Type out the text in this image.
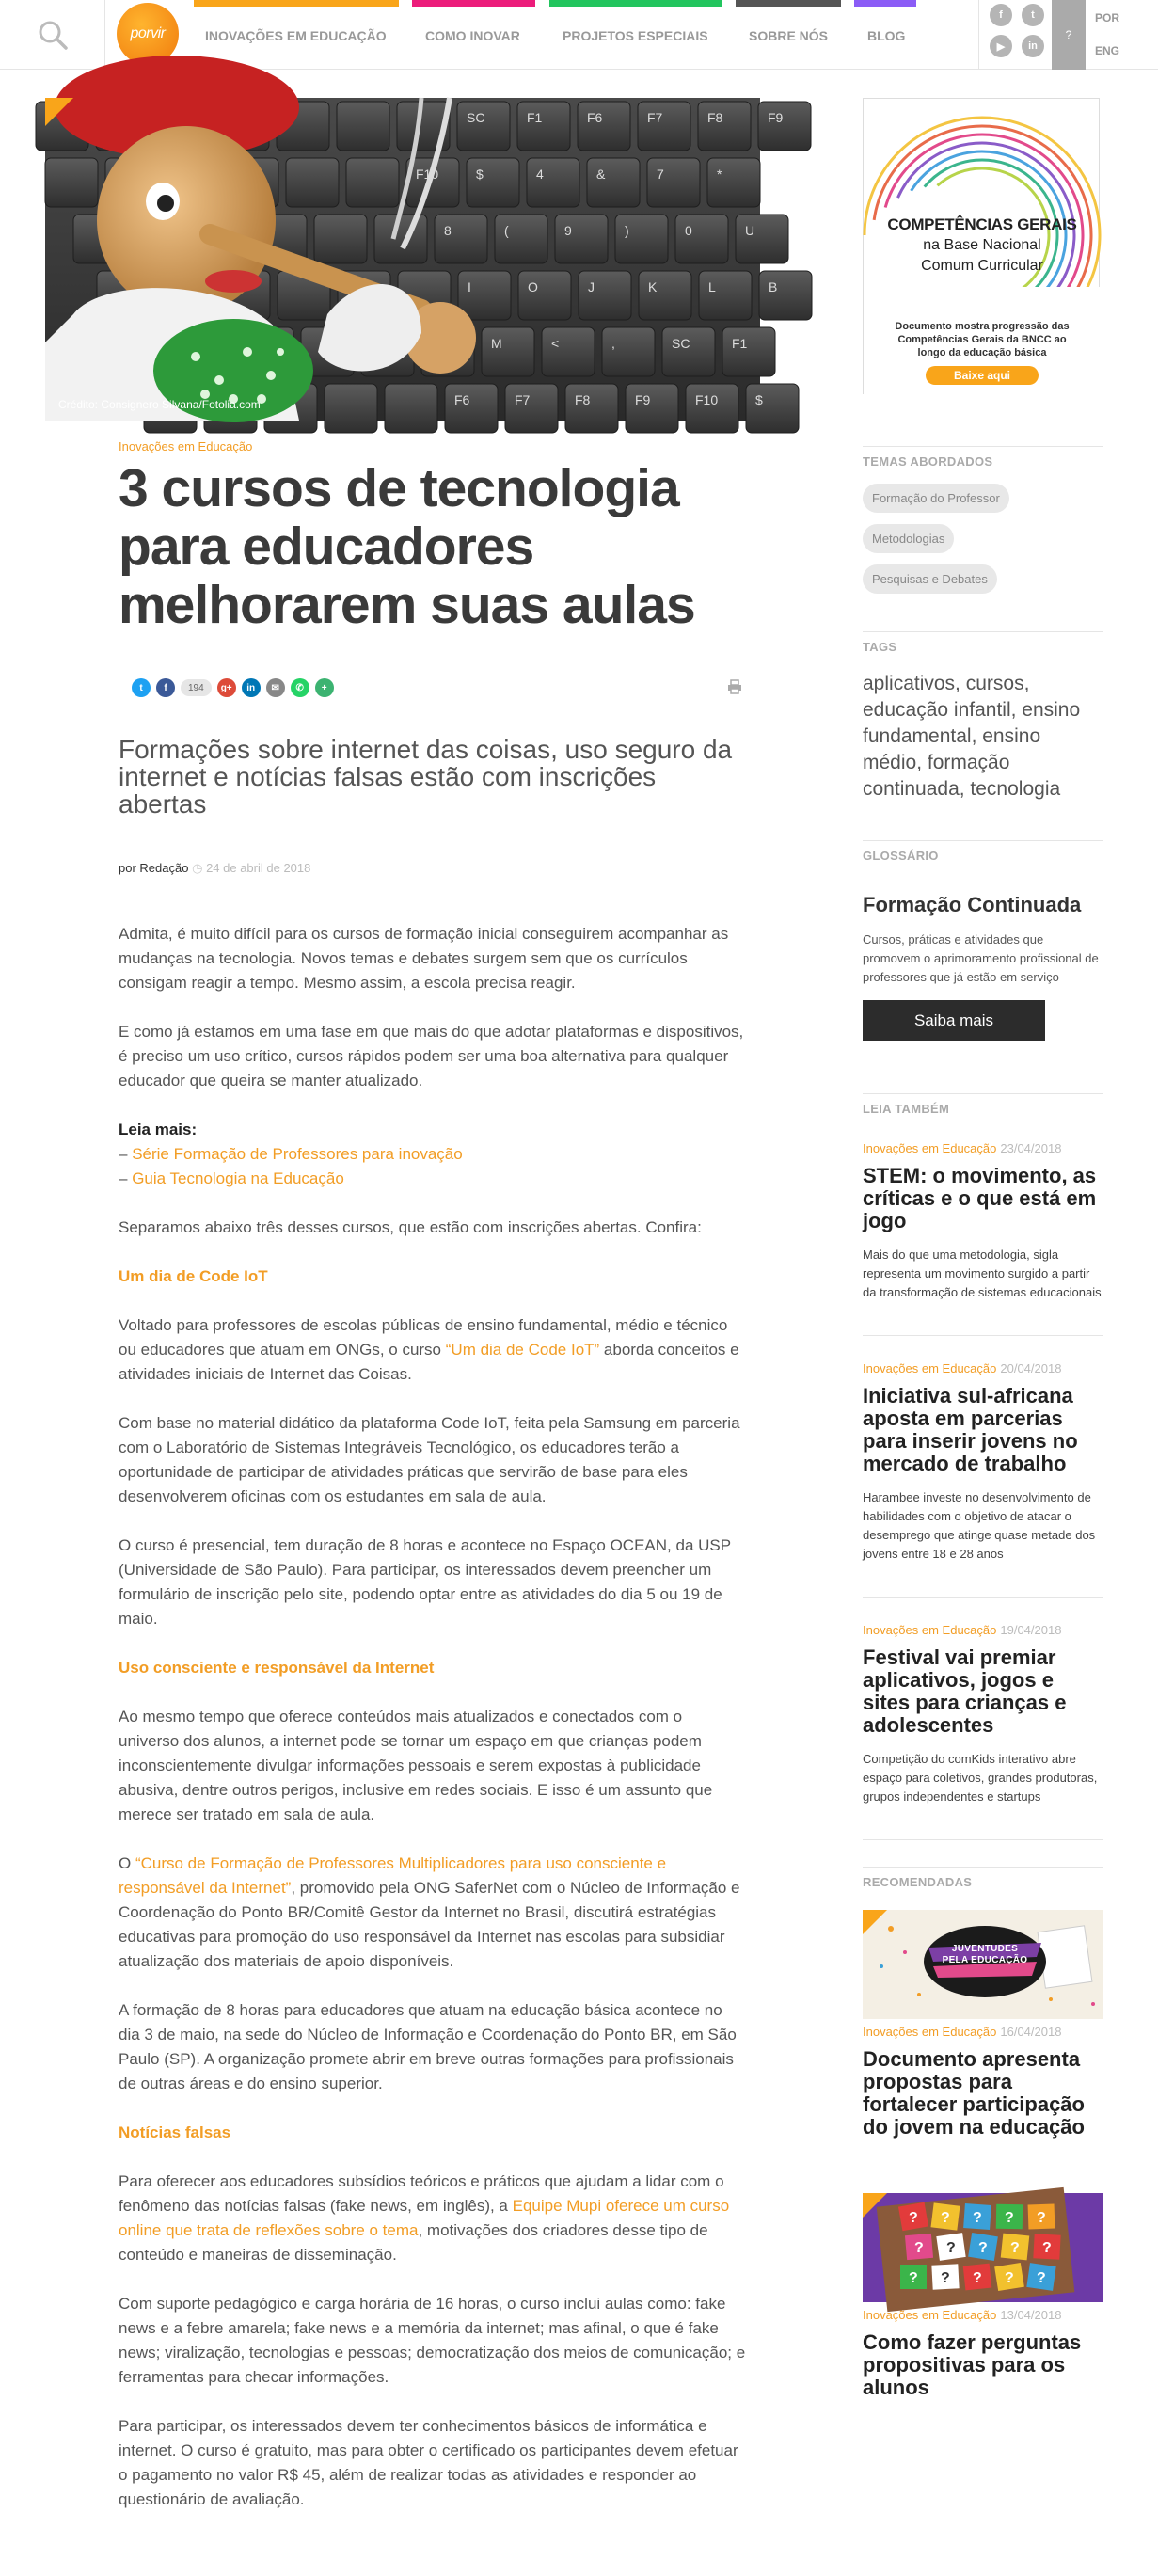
porvir	INOVAÇÕES EM EDUCAÇÃO	COMO INOVAR	PROJETOS ESPECIAIS	SOBRE NÓS	BLOG
f	t
▶	in
?
POR
ENG
SC	F1	F6	F7	F8	F9
F10	$	4	&	7	*
8	(	9	)	0	U
I	O	J	K	L	B
M	<	,	SC	F1
F6	F7	F8	F9	F10	$
Crédito: Consignero Silvana/Fotolia.com
Inovações em Educação
3 cursos de tecnologia para educadores melhorarem suas aulas
t	f	194	g+	in	✉	✆	+

Formações sobre internet das coisas, uso seguro da internet e notícias falsas estão com inscrições abertas

por Redação ◷ 24 de abril de 2018

Admita, é muito difícil para os cursos de formação inicial conseguirem acompanhar as mudanças na tecnologia. Novos temas e debates surgem sem que os currículos consigam reagir a tempo. Mesmo assim, a escola precisa reagir.

E como já estamos em uma fase em que mais do que adotar plataformas e dispositivos, é preciso um uso crítico, cursos rápidos podem ser uma boa alternativa para qualquer educador que queira se manter atualizado.

Leia mais:
– Série Formação de Professores para inovação
– Guia Tecnologia na Educação

Separamos abaixo três desses cursos, que estão com inscrições abertas. Confira:

Um dia de Code IoT

Voltado para professores de escolas públicas de ensino fundamental, médio e técnico ou educadores que atuam em ONGs, o curso “Um dia de Code IoT” aborda conceitos e atividades iniciais de Internet das Coisas.

Com base no material didático da plataforma Code IoT, feita pela Samsung em parceria com o Laboratório de Sistemas Integráveis Tecnológico, os educadores terão a oportunidade de participar de atividades práticas que servirão de base para eles desenvolverem oficinas com os estudantes em sala de aula.

O curso é presencial, tem duração de 8 horas e acontece no Espaço OCEAN, da USP (Universidade de São Paulo). Para participar, os interessados devem preencher um formulário de inscrição pelo site, podendo optar entre as atividades do dia 5 ou 19 de maio.

Uso consciente e responsável da Internet

Ao mesmo tempo que oferece conteúdos mais atualizados e conectados com o universo dos alunos, a internet pode se tornar um espaço em que crianças podem inconscientemente divulgar informações pessoais e serem expostas à publicidade abusiva, dentre outros perigos, inclusive em redes sociais. E isso é um assunto que merece ser tratado em sala de aula.

O “Curso de Formação de Professores Multiplicadores para uso consciente e responsável da Internet”, promovido pela ONG SaferNet com o Núcleo de Informação e Coordenação do Ponto BR/Comitê Gestor da Internet no Brasil, discutirá estratégias educativas para promoção do uso responsável da Internet nas escolas para subsidiar atualização dos materiais de apoio disponíveis.

A formação de 8 horas para educadores que atuam na educação básica acontece no dia 3 de maio, na sede do Núcleo de Informação e Coordenação do Ponto BR, em São Paulo (SP). A organização promete abrir em breve outras formações para profissionais de outras áreas e do ensino superior.

Notícias falsas

Para oferecer aos educadores subsídios teóricos e práticos que ajudam a lidar com o fenômeno das notícias falsas (fake news, em inglês), a Equipe Mupi oferece um curso online que trata de reflexões sobre o tema, motivações dos criadores desse tipo de conteúdo e maneiras de disseminação.

Com suporte pedagógico e carga horária de 16 horas, o curso inclui aulas como: fake news e a febre amarela; fake news e a memória da internet; mas afinal, o que é fake news; viralização, tecnologias e pessoas; democratização dos meios de comunicação; e ferramentas para checar informações.

Para participar, os interessados devem ter conhecimentos básicos de informática e internet. O curso é gratuito, mas para obter o certificado os participantes devem efetuar o pagamento no valor R$ 45, além de realizar todas as atividades e responder ao questionário de avaliação.

COMPETÊNCIAS GERAIS
na Base Nacional
Comum Curricular
Documento mostra progressão das Competências Gerais da BNCC ao longo da educação básica
Baixe aqui
TEMAS ABORDADOS
Formação do Professor
Metodologias
Pesquisas e Debates
TAGS
aplicativos, cursos, educação infantil, ensino fundamental, ensino médio, formação continuada, tecnologia
GLOSSÁRIO
Formação Continuada
Cursos, práticas e atividades que promovem o aprimoramento profissional de professores que já estão em serviço
Saiba mais
LEIA TAMBÉM
Inovações em Educação 23/04/2018
STEM: o movimento, as críticas e o que está em jogo
Mais do que uma metodologia, sigla representa um movimento surgido a partir da transformação de sistemas educacionais
Inovações em Educação 20/04/2018
Iniciativa sul-africana aposta em parcerias para inserir jovens no mercado de trabalho
Harambee investe no desenvolvimento de habilidades com o objetivo de atacar o desemprego que atinge quase metade dos jovens entre 18 e 28 anos
Inovações em Educação 19/04/2018
Festival vai premiar aplicativos, jogos e sites para crianças e adolescentes
Competição do comKids interativo abre espaço para coletivos, grandes produtoras, grupos independentes e startups
RECOMENDADAS
JUVENTUDES PELA EDUCAÇÃO
Inovações em Educação 16/04/2018
Documento apresenta propostas para fortalecer participação do jovem na educação
? ? ? ? ?
? ? ? ? ?
? ? ? ? ?
Inovações em Educação 13/04/2018
Como fazer perguntas propositivas para os alunos
